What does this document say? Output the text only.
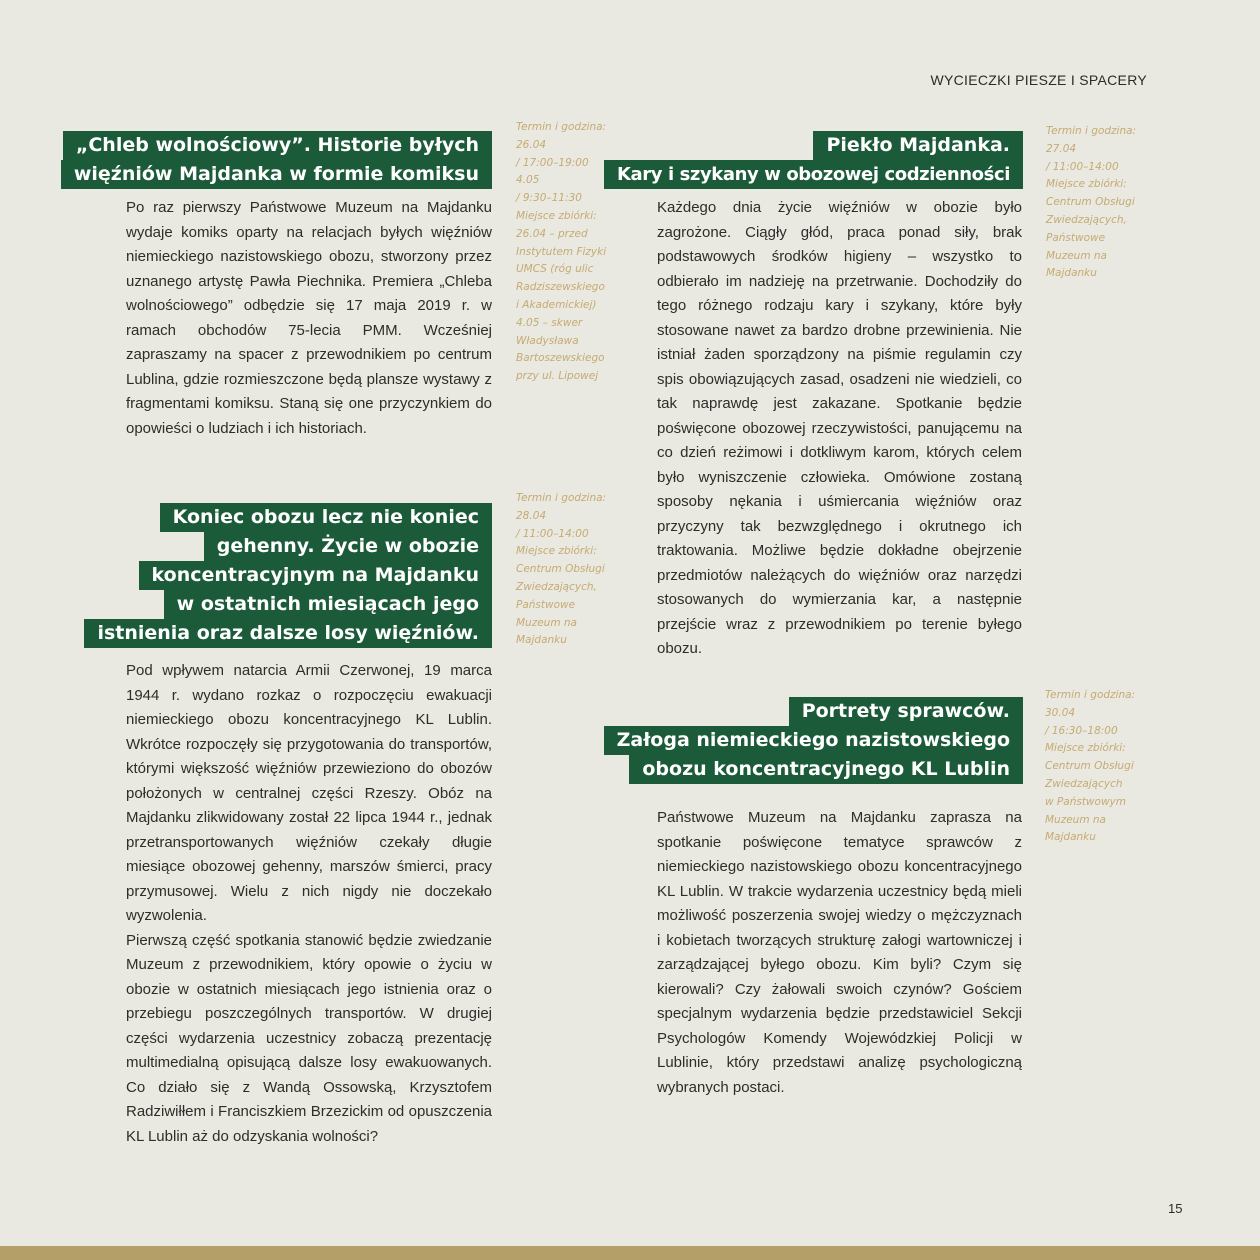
WYCIECZKI PIESZE I SPACERY
„Chleb wolnościowy”. Historie byłych
więźniów Majdanka w formie komiksu
Termin i godzina:
26.04
/ 17:00–19:00
4.05
/ 9:30–11:30
Miejsce zbiórki:
26.04 – przed
Instytutem Fizyki
UMCS (róg ulic
Radziszewskiego
i Akademickiej)
4.05 – skwer
Władysława
Bartoszewskiego
przy ul. Lipowej

Po raz pierwszy Państwowe Muzeum na Majdanku wydaje komiks oparty na relacjach byłych więźniów niemieckiego nazistowskiego obozu, stworzony przez uznanego artystę Pawła Piechnika. Premiera „Chleba wolnościowego” odbędzie się 17 maja 2019 r. w ramach obchodów 75-lecia PMM. Wcześniej zapraszamy na spacer z przewodnikiem po centrum Lublina, gdzie rozmieszczone będą plansze wystawy z fragmentami komiksu. Staną się one przyczynkiem do opowieści o ludziach i ich historiach.

Koniec obozu lecz nie koniec
gehenny. Życie w obozie
koncentracyjnym na Majdanku
w ostatnich miesiącach jego
istnienia oraz dalsze losy więźniów.
Termin i godzina:
28.04
/ 11:00–14:00
Miejsce zbiórki:
Centrum Obsługi
Zwiedzających,
Państwowe
Muzeum na
Majdanku

Pod wpływem natarcia Armii Czerwonej, 19 marca 1944 r. wydano rozkaz o rozpoczęciu ewakuacji niemieckiego obozu koncentracyjnego KL Lublin. Wkrótce rozpoczęły się przygotowania do transportów, którymi większość więźniów przewieziono do obozów położonych w centralnej części Rzeszy. Obóz na Majdanku zlikwidowany został 22 lipca 1944 r., jednak przetransportowanych więźniów czekały długie miesiące obozowej gehenny, marszów śmierci, pracy przymusowej. Wielu z nich nigdy nie doczekało wyzwolenia.

Pierwszą część spotkania stanowić będzie zwiedzanie Muzeum z przewodnikiem, który opowie o życiu w obozie w ostatnich miesiącach jego istnienia oraz o przebiegu poszczególnych transportów. W drugiej części wydarzenia uczestnicy zobaczą prezentację multimedialną opisującą dalsze losy ewakuowanych. Co działo się z Wandą Ossowską, Krzysztofem Radziwiłłem i Franciszkiem Brzezickim od opuszczenia KL Lublin aż do odzyskania wolności?

Piekło Majdanka.
Kary i szykany w obozowej codzienności
Termin i godzina:
27.04
/ 11:00–14:00
Miejsce zbiórki:
Centrum Obsługi
Zwiedzających,
Państwowe
Muzeum na
Majdanku

Każdego dnia życie więźniów w obozie było zagrożone. Ciągły głód, praca ponad siły, brak podstawowych środków higieny – wszystko to odbierało im nadzieję na przetrwanie. Dochodziły do tego różnego rodzaju kary i szykany, które były stosowane nawet za bardzo drobne przewinienia. Nie istniał żaden sporządzony na piśmie regulamin czy spis obowiązujących zasad, osadzeni nie wiedzieli, co tak naprawdę jest zakazane. Spotkanie będzie poświęcone obozowej rzeczywistości, panującemu na co dzień reżimowi i dotkliwym karom, których celem było wyniszczenie człowieka. Omówione zostaną sposoby nękania i uśmiercania więźniów oraz przyczyny tak bezwzględnego i okrutnego ich traktowania. Możliwe będzie dokładne obejrzenie przedmiotów należących do więźniów oraz narzędzi stosowanych do wymierzania kar, a następnie przejście wraz z przewodnikiem po terenie byłego obozu.

Portrety sprawców.
Załoga niemieckiego nazistowskiego
obozu koncentracyjnego KL Lublin
Termin i godzina:
30.04
/ 16:30–18:00
Miejsce zbiórki:
Centrum Obsługi
Zwiedzających
w Państwowym
Muzeum na
Majdanku

Państwowe Muzeum na Majdanku zaprasza na spotkanie poświęcone tematyce sprawców z niemieckiego nazistowskiego obozu koncentracyjnego KL Lublin. W trakcie wydarzenia uczestnicy będą mieli możliwość poszerzenia swojej wiedzy o mężczyznach i kobietach tworzących strukturę załogi wartowniczej i zarządzającej byłego obozu. Kim byli? Czym się kierowali? Czy żałowali swoich czynów? Gościem specjalnym wydarzenia będzie przedstawiciel Sekcji Psychologów Komendy Wojewódzkiej Policji w Lublinie, który przedstawi analizę psychologiczną wybranych postaci.

15
